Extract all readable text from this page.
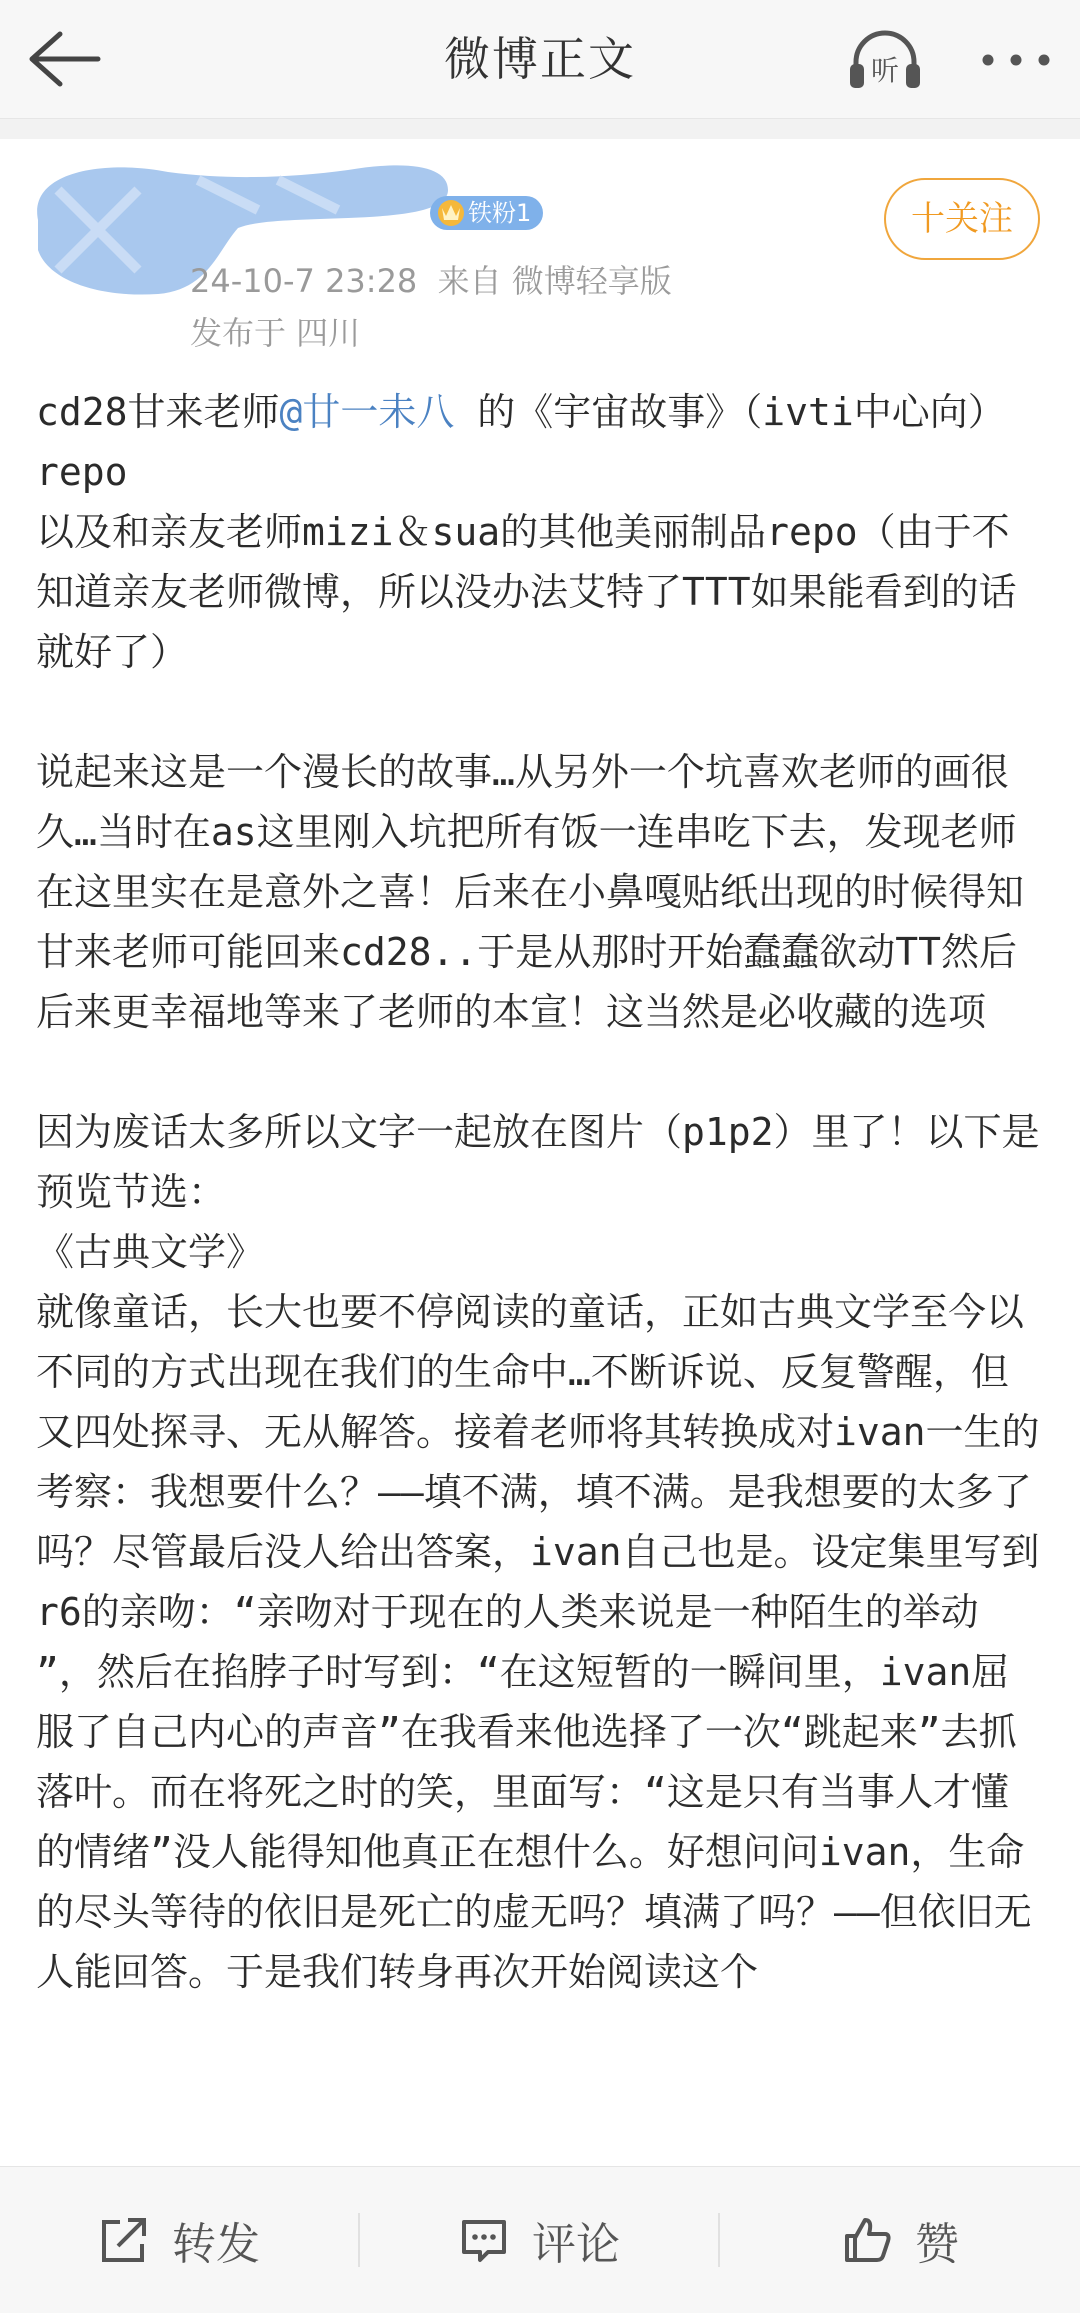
微博正文	听
铁粉1
24-10-7 23:28 来自 微博轻享版
发布于 四川
十关注

cd28甘来老师@廿一未八 的《宇宙故事》（ivti中心向）repo

以及和亲友老师mizi＆sua的其他美丽制品repo（由于不知道亲友老师微博，所以没办法艾特了TTT如果能看到的话就好了）

说起来这是一个漫长的故事…从另外一个坑喜欢老师的画很久…当时在as这里刚入坑把所有饭一连串吃下去，发现老师在这里实在是意外之喜！后来在小鼻嘎贴纸出现的时候得知甘来老师可能回来cd28..于是从那时开始蠢蠢欲动TT然后后来更幸福地等来了老师的本宣！这当然是必收藏的选项

因为废话太多所以文字一起放在图片（p1p2）里了！以下是预览节选：

《古典文学》

就像童话，长大也要不停阅读的童话，正如古典文学至今以不同的方式出现在我们的生命中…不断诉说、反复警醒，但又四处探寻、无从解答。接着老师将其转换成对ivan一生的考察：我想要什么？——填不满，填不满。是我想要的太多了吗？尽管最后没人给出答案，ivan自己也是。设定集里写到r6的亲吻：“亲吻对于现在的人类来说是一种陌生的举动 ”，然后在掐脖子时写到：“在这短暂的一瞬间里，ivan屈服了自己内心的声音”在我看来他选择了一次“跳起来”去抓落叶。而在将死之时的笑，里面写：“这是只有当事人才懂的情绪”没人能得知他真正在想什么。好想问问ivan，生命的尽头等待的依旧是死亡的虚无吗？填满了吗？——但依旧无人能回答。于是我们转身再次开始阅读这个

转发	评论	赞
